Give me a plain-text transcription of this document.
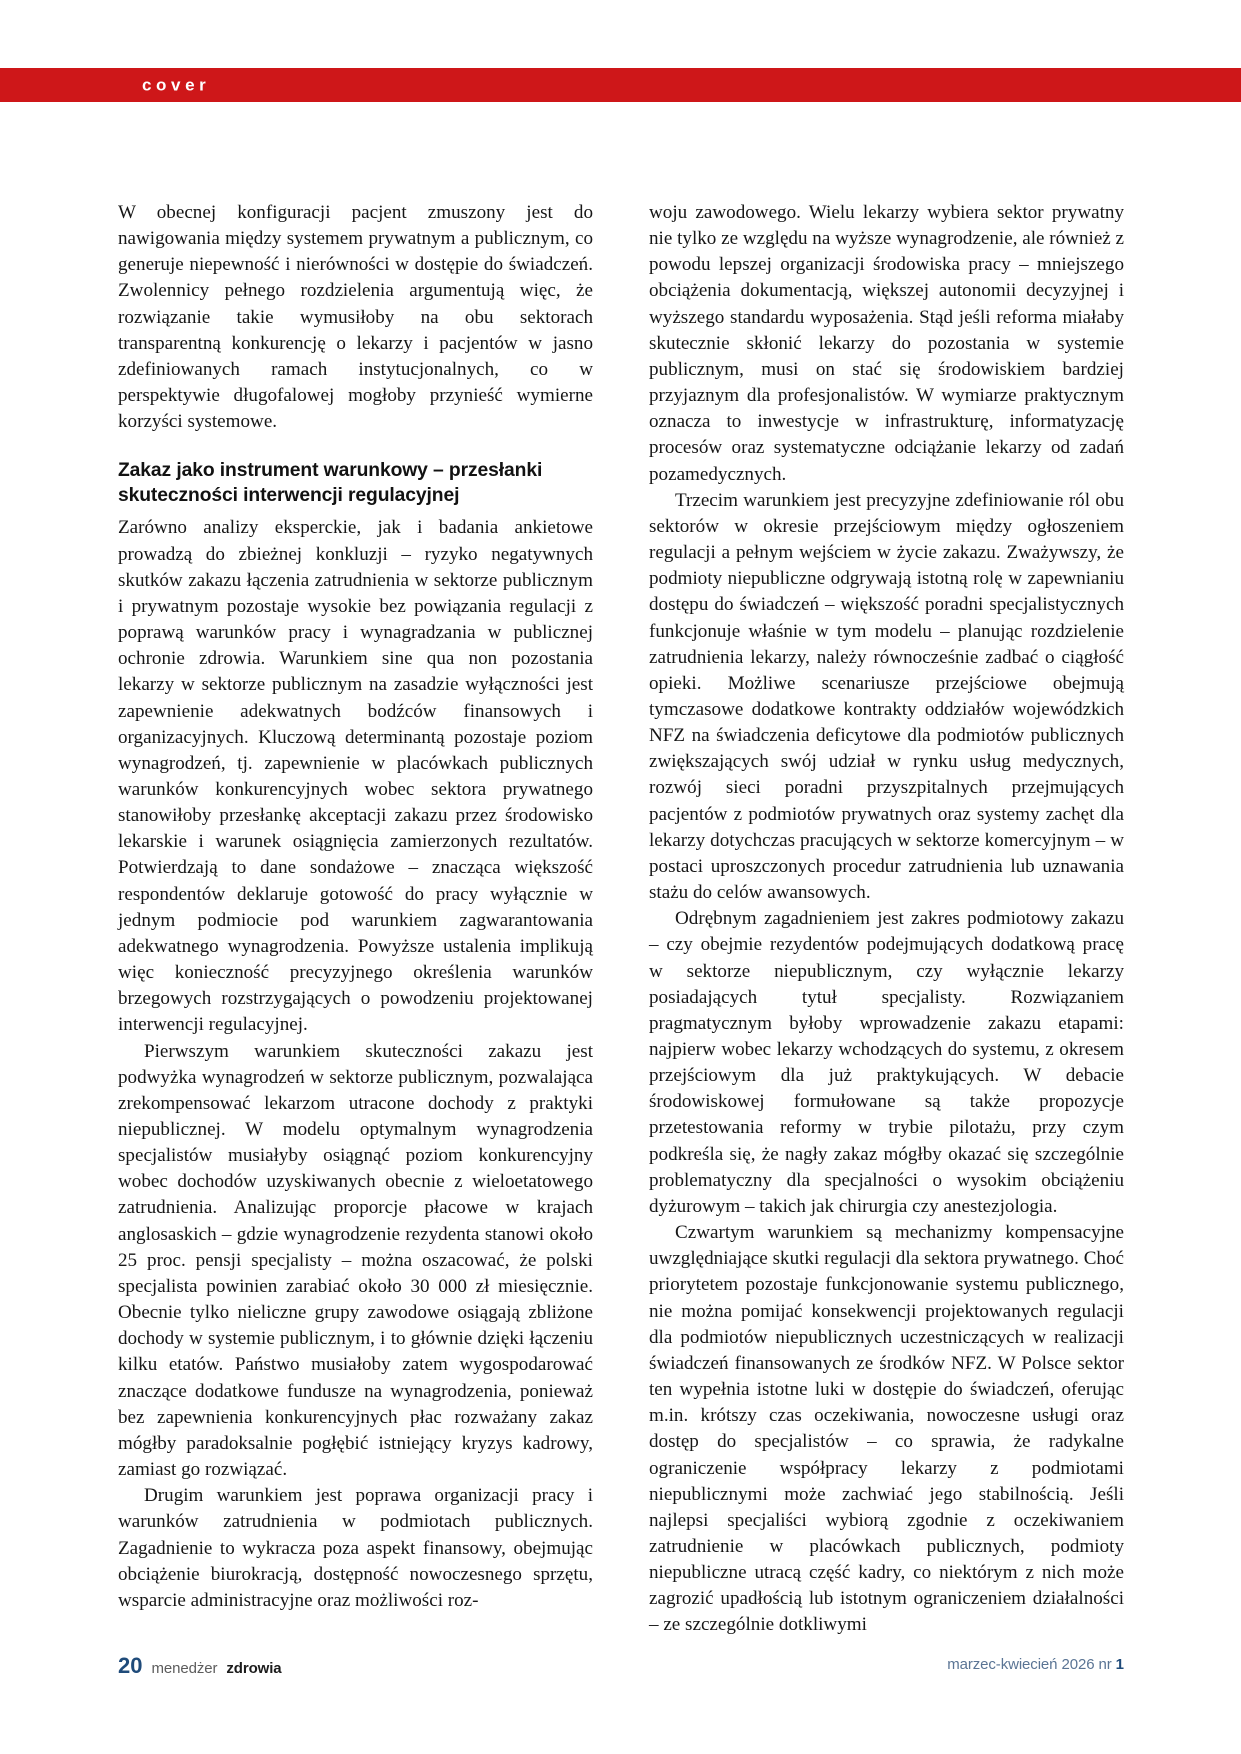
cover

W obecnej konfiguracji pacjent zmuszony jest do nawigowania między systemem prywatnym a publicznym, co generuje niepewność i nierówności w dostępie do świadczeń. Zwolennicy pełnego rozdzielenia argumentują więc, że rozwiązanie takie wymusiłoby na obu sektorach transparentną konkurencję o lekarzy i pacjentów w jasno zdefiniowanych ramach instytucjonalnych, co w perspektywie długofalowej mogłoby przynieść wymierne korzyści systemowe.

Zakaz jako instrument warunkowy – przesłanki skuteczności interwencji regulacyjnej

Zarówno analizy eksperckie, jak i badania ankietowe prowadzą do zbieżnej konkluzji – ryzyko negatywnych skutków zakazu łączenia zatrudnienia w sektorze publicznym i prywatnym pozostaje wysokie bez powiązania regulacji z poprawą warunków pracy i wynagradzania w publicznej ochronie zdrowia. Warunkiem sine qua non pozostania lekarzy w sektorze publicznym na zasadzie wyłączności jest zapewnienie adekwatnych bodźców finansowych i organizacyjnych. Kluczową determinantą pozostaje poziom wynagrodzeń, tj. zapewnienie w placówkach publicznych warunków konkurencyjnych wobec sektora prywatnego stanowiłoby przesłankę akceptacji zakazu przez środowisko lekarskie i warunek osiągnięcia zamierzonych rezultatów. Potwierdzają to dane sondażowe – znacząca większość respondentów deklaruje gotowość do pracy wyłącznie w jednym podmiocie pod warunkiem zagwarantowania adekwatnego wynagrodzenia. Powyższe ustalenia implikują więc konieczność precyzyjnego określenia warunków brzegowych rozstrzygających o powodzeniu projektowanej interwencji regulacyjnej.

Pierwszym warunkiem skuteczności zakazu jest podwyżka wynagrodzeń w sektorze publicznym, pozwalająca zrekompensować lekarzom utracone dochody z praktyki niepublicznej. W modelu optymalnym wynagrodzenia specjalistów musiałyby osiągnąć poziom konkurencyjny wobec dochodów uzyskiwanych obecnie z wieloetatowego zatrudnienia. Analizując proporcje płacowe w krajach anglosaskich – gdzie wynagrodzenie rezydenta stanowi około 25 proc. pensji specjalisty – można oszacować, że polski specjalista powinien zarabiać około 30 000 zł miesięcznie. Obecnie tylko nieliczne grupy zawodowe osiągają zbliżone dochody w systemie publicznym, i to głównie dzięki łączeniu kilku etatów. Państwo musiałoby zatem wygospodarować znaczące dodatkowe fundusze na wynagrodzenia, ponieważ bez zapewnienia konkurencyjnych płac rozważany zakaz mógłby paradoksalnie pogłębić istniejący kryzys kadrowy, zamiast go rozwiązać.

Drugim warunkiem jest poprawa organizacji pracy i warunków zatrudnienia w podmiotach publicznych. Zagadnienie to wykracza poza aspekt finansowy, obejmując obciążenie biurokracją, dostępność nowoczesnego sprzętu, wsparcie administracyjne oraz możliwości roz-

woju zawodowego. Wielu lekarzy wybiera sektor prywatny nie tylko ze względu na wyższe wynagrodzenie, ale również z powodu lepszej organizacji środowiska pracy – mniejszego obciążenia dokumentacją, większej autonomii decyzyjnej i wyższego standardu wyposażenia. Stąd jeśli reforma miałaby skutecznie skłonić lekarzy do pozostania w systemie publicznym, musi on stać się środowiskiem bardziej przyjaznym dla profesjonalistów. W wymiarze praktycznym oznacza to inwestycje w infrastrukturę, informatyzację procesów oraz systematyczne odciążanie lekarzy od zadań pozamedycznych.

Trzecim warunkiem jest precyzyjne zdefiniowanie ról obu sektorów w okresie przejściowym między ogłoszeniem regulacji a pełnym wejściem w życie zakazu. Zważywszy, że podmioty niepubliczne odgrywają istotną rolę w zapewnianiu dostępu do świadczeń – większość poradni specjalistycznych funkcjonuje właśnie w tym modelu – planując rozdzielenie zatrudnienia lekarzy, należy równocześnie zadbać o ciągłość opieki. Możliwe scenariusze przejściowe obejmują tymczasowe dodatkowe kontrakty oddziałów wojewódzkich NFZ na świadczenia deficytowe dla podmiotów publicznych zwiększających swój udział w rynku usług medycznych, rozwój sieci poradni przyszpitalnych przejmujących pacjentów z podmiotów prywatnych oraz systemy zachęt dla lekarzy dotychczas pracujących w sektorze komercyjnym – w postaci uproszczonych procedur zatrudnienia lub uznawania stażu do celów awansowych.

Odrębnym zagadnieniem jest zakres podmiotowy zakazu – czy obejmie rezydentów podejmujących dodatkową pracę w sektorze niepublicznym, czy wyłącznie lekarzy posiadających tytuł specjalisty. Rozwiązaniem pragmatycznym byłoby wprowadzenie zakazu etapami: najpierw wobec lekarzy wchodzących do systemu, z okresem przejściowym dla już praktykujących. W debacie środowiskowej formułowane są także propozycje przetestowania reformy w trybie pilotażu, przy czym podkreśla się, że nagły zakaz mógłby okazać się szczególnie problematyczny dla specjalności o wysokim obciążeniu dyżurowym – takich jak chirurgia czy anestezjologia.

Czwartym warunkiem są mechanizmy kompensacyjne uwzględniające skutki regulacji dla sektora prywatnego. Choć priorytetem pozostaje funkcjonowanie systemu publicznego, nie można pomijać konsekwencji projektowanych regulacji dla podmiotów niepublicznych uczestniczących w realizacji świadczeń finansowanych ze środków NFZ. W Polsce sektor ten wypełnia istotne luki w dostępie do świadczeń, oferując m.in. krótszy czas oczekiwania, nowoczesne usługi oraz dostęp do specjalistów – co sprawia, że radykalne ograniczenie współpracy lekarzy z podmiotami niepublicznymi może zachwiać jego stabilnością. Jeśli najlepsi specjaliści wybiorą zgodnie z oczekiwaniem zatrudnienie w placówkach publicznych, podmioty niepubliczne utracą część kadry, co niektórym z nich może zagrozić upadłością lub istotnym ograniczeniem działalności – ze szczególnie dotkliwymi

20 menedżer zdrowia	marzec-kwiecień 2026 nr 1
